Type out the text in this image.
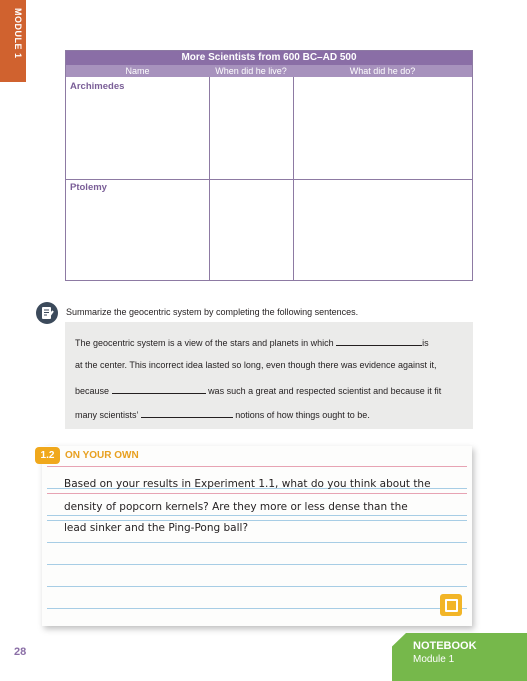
MODULE 1	More Scientists from 600 BC–AD 500
Name	When did he live?	What did he do?
Archimedes
Ptolemy
Summarize the geocentric system by completing the following sentences.
The geocentric system is a view of the stars and planets in which	is
at the center. This incorrect idea lasted so long, even though there was evidence against it,
because	was such a great and respected scientist and because it fit
many scientists’	notions of how things ought to be.
Based on your results in Experiment 1.1, what do you think about the
density of popcorn kernels? Are they more or less dense than the
lead sinker and the Ping-Pong ball?
1.2	ON YOUR OWN
28	NOTEBOOK
Module 1
